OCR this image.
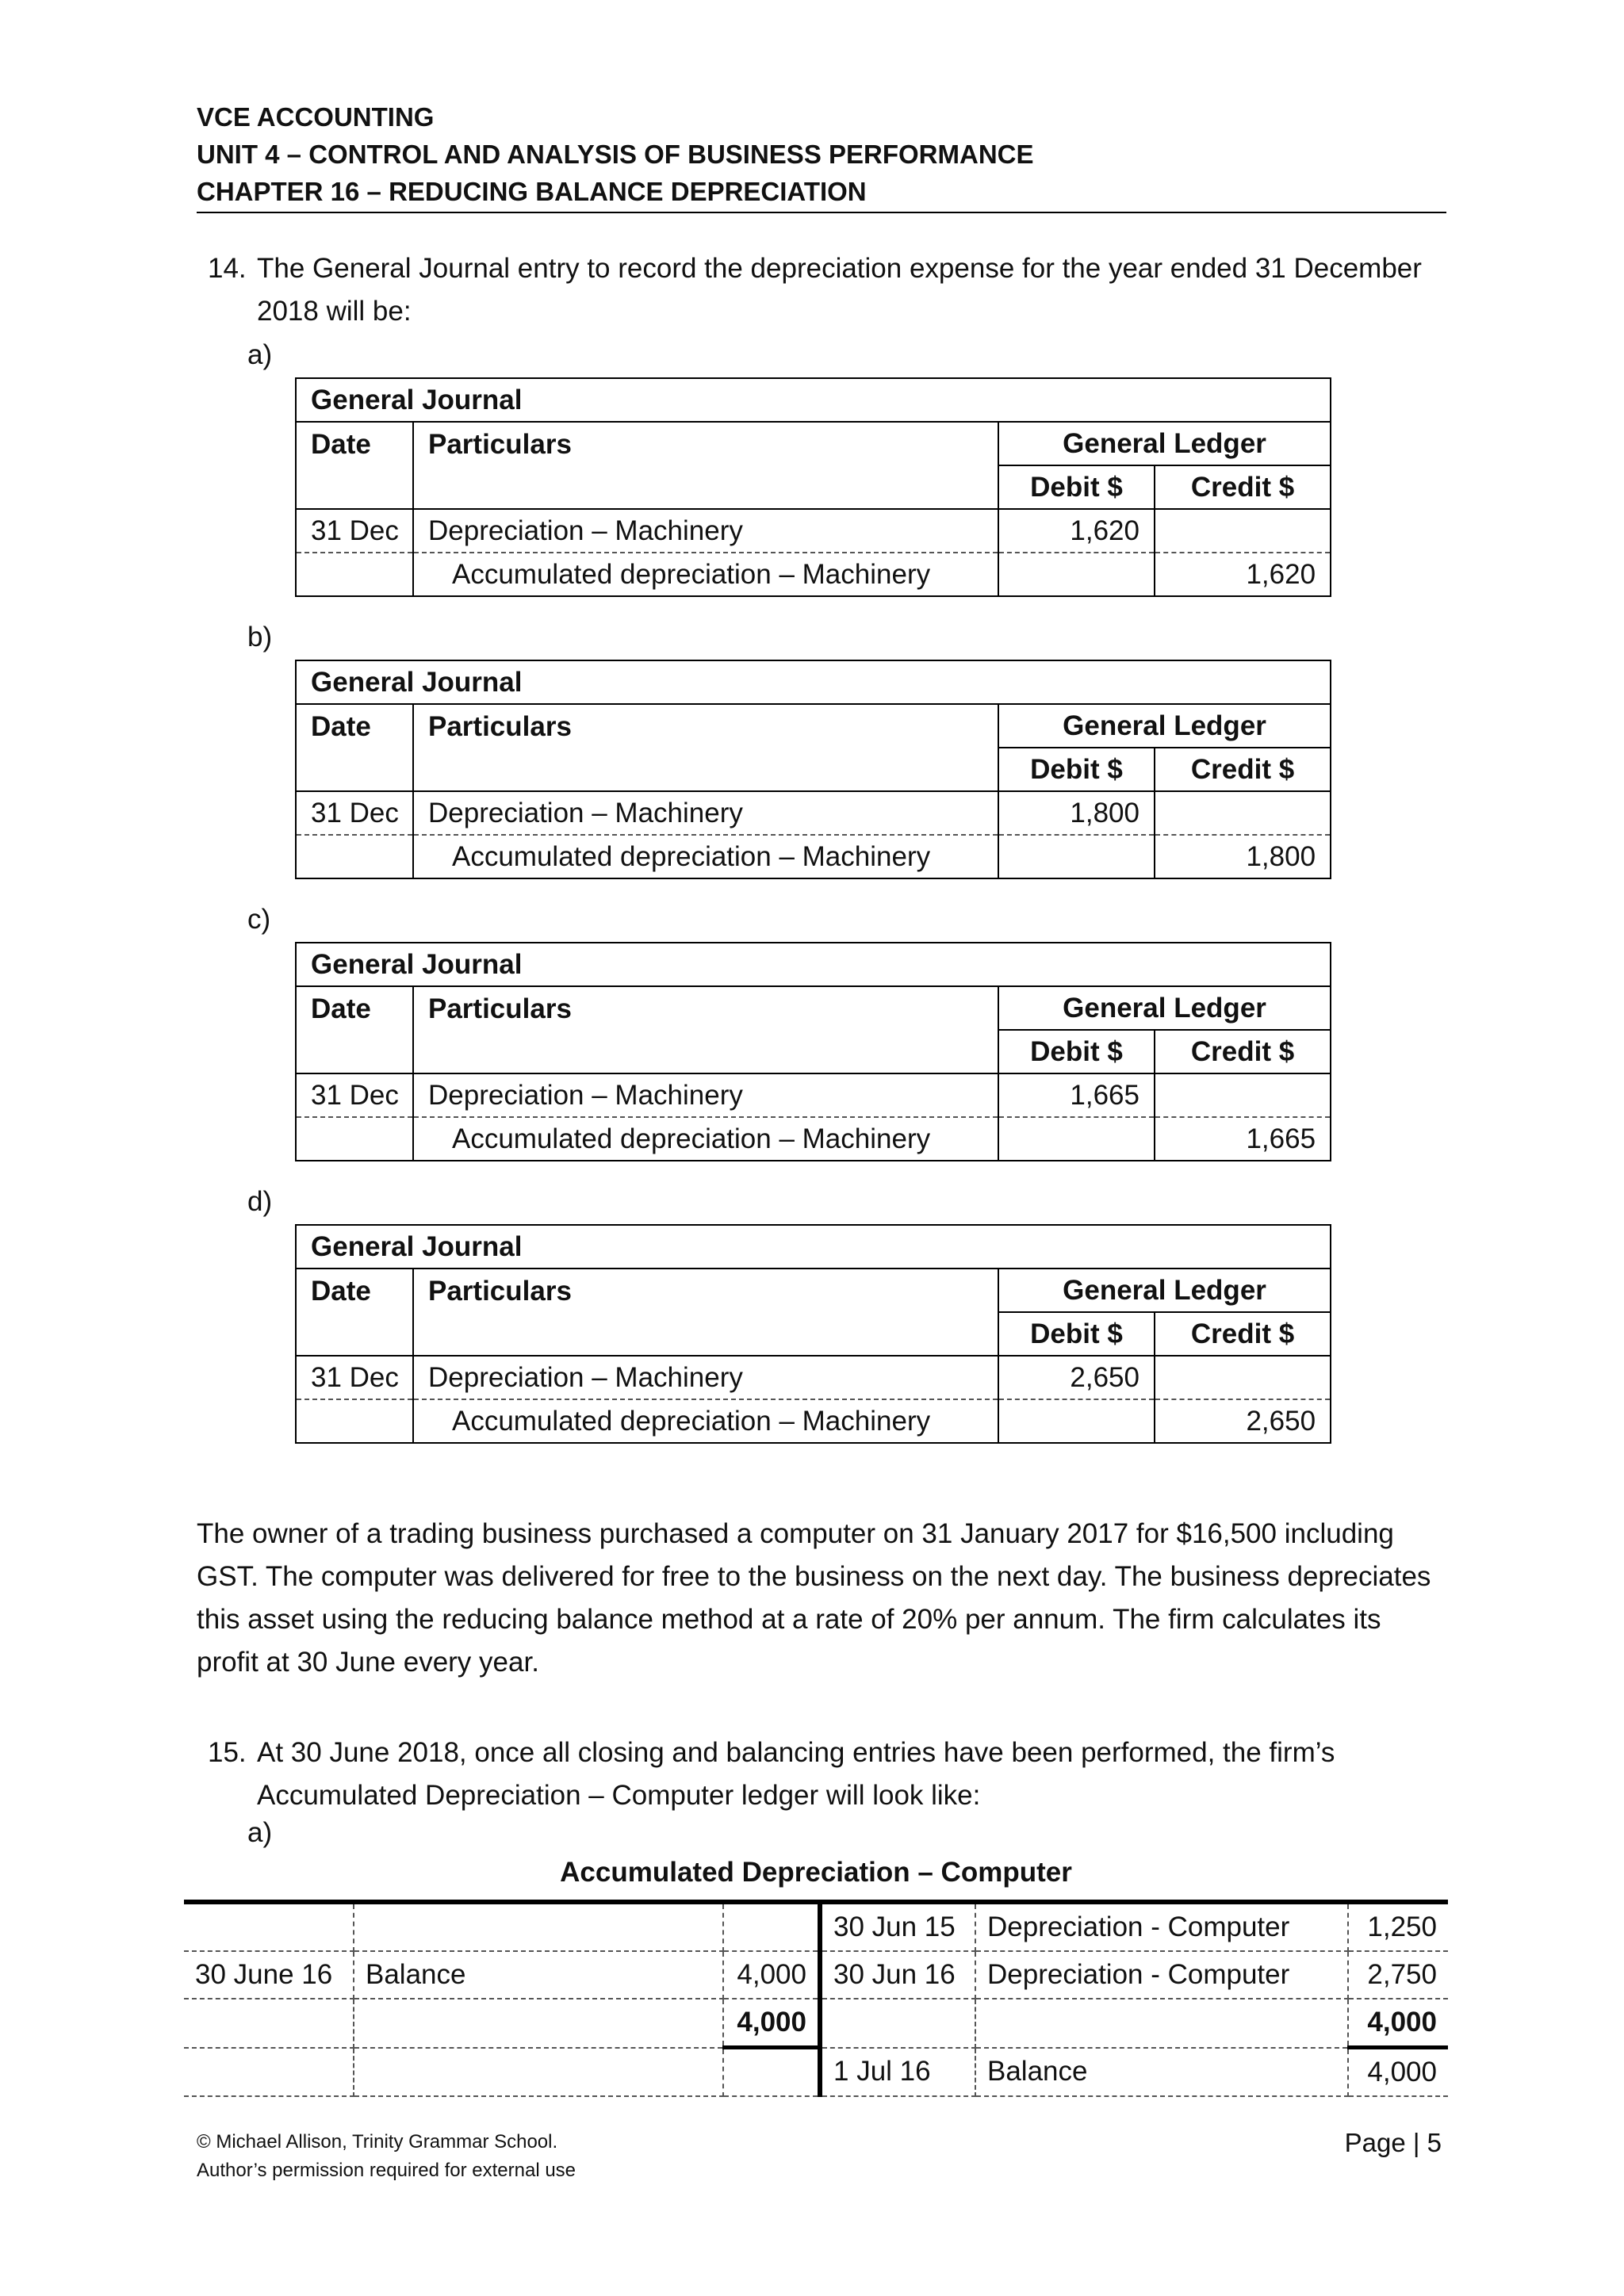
VCE ACCOUNTING
UNIT 4 – CONTROL AND ANALYSIS OF BUSINESS PERFORMANCE
CHAPTER 16 – REDUCING BALANCE DEPRECIATION
14. The General Journal entry to record the depreciation expense for the year ended 31 December
2018 will be:
a)
General Journal			
Date	Particulars	General Ledger	
		Debit $	Credit $
31 Dec	Depreciation – Machinery	1,620	
	Accumulated depreciation – Machinery		1,620
b)
General Journal			
Date	Particulars	General Ledger	
		Debit $	Credit $
31 Dec	Depreciation – Machinery	1,800	
	Accumulated depreciation – Machinery		1,800
c)
General Journal			
Date	Particulars	General Ledger	
		Debit $	Credit $
31 Dec	Depreciation – Machinery	1,665	
	Accumulated depreciation – Machinery		1,665
d)
General Journal			
Date	Particulars	General Ledger	
		Debit $	Credit $
31 Dec	Depreciation – Machinery	2,650	
	Accumulated depreciation – Machinery		2,650
The owner of a trading business purchased a computer on 31 January 2017 for $16,500 including
GST. The computer was delivered for free to the business on the next day. The business depreciates
this asset using the reducing balance method at a rate of 20% per annum. The firm calculates its
profit at 30 June every year.
15. At 30 June 2018, once all closing and balancing entries have been performed, the firm’s
Accumulated Depreciation – Computer ledger will look like:
a)
Accumulated Depreciation – Computer
			30 Jun 15	Depreciation - Computer	1,250
30 June 16	Balance	4,000	30 Jun 16	Depreciation - Computer	2,750
		4,000			4,000
			1 Jul 16	Balance	4,000
© Michael Allison, Trinity Grammar School.
Author’s permission required for external use
Page | 5
